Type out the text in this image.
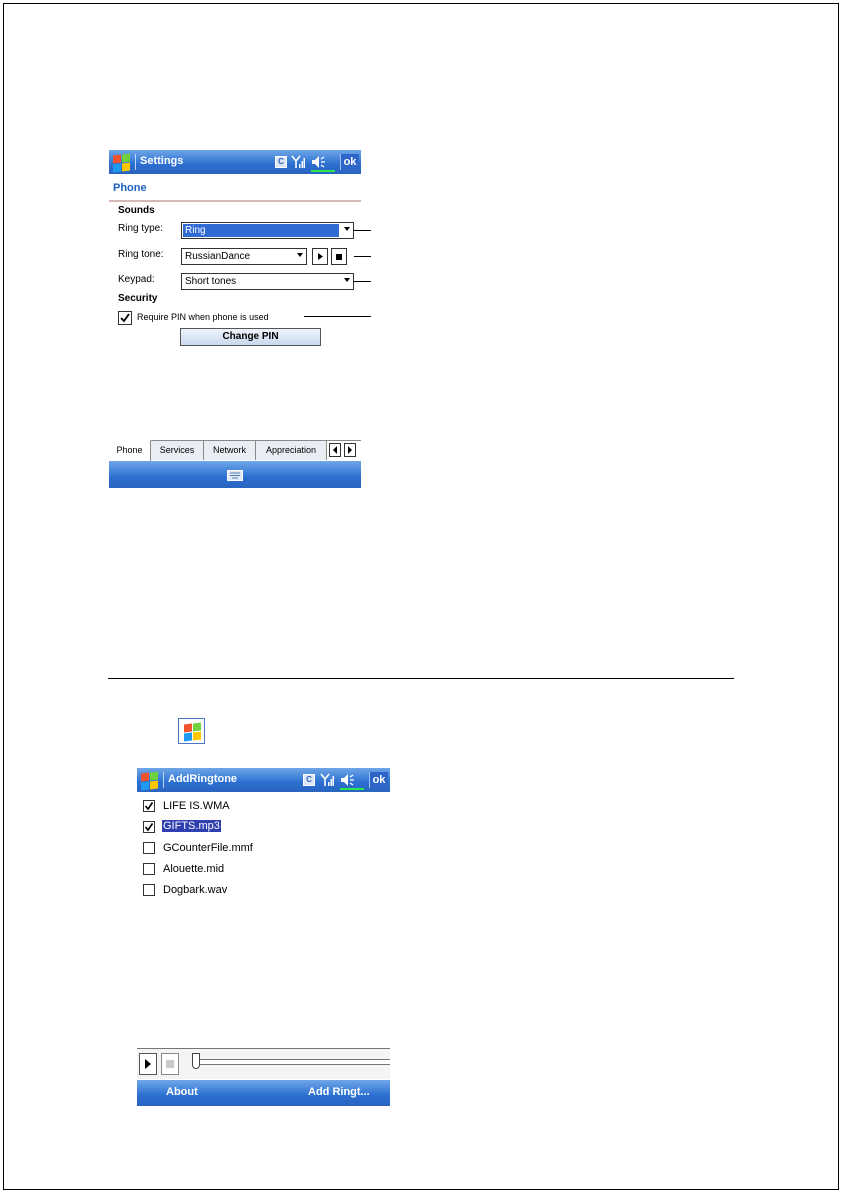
Settings	C	ok
Phone
Sounds
Ring type: Ring
Ring tone: RussianDance
Keypad:	Short tones
Security
Require PIN when phone is used
Change PIN
Phone	Services	Network	Appreciation
AddRingtone	C	ok
LIFE IS.WMA
GIFTS.mp3
GCounterFile.mmf
Alouette.mid
Dogbark.wav
About	Add Ringt...
